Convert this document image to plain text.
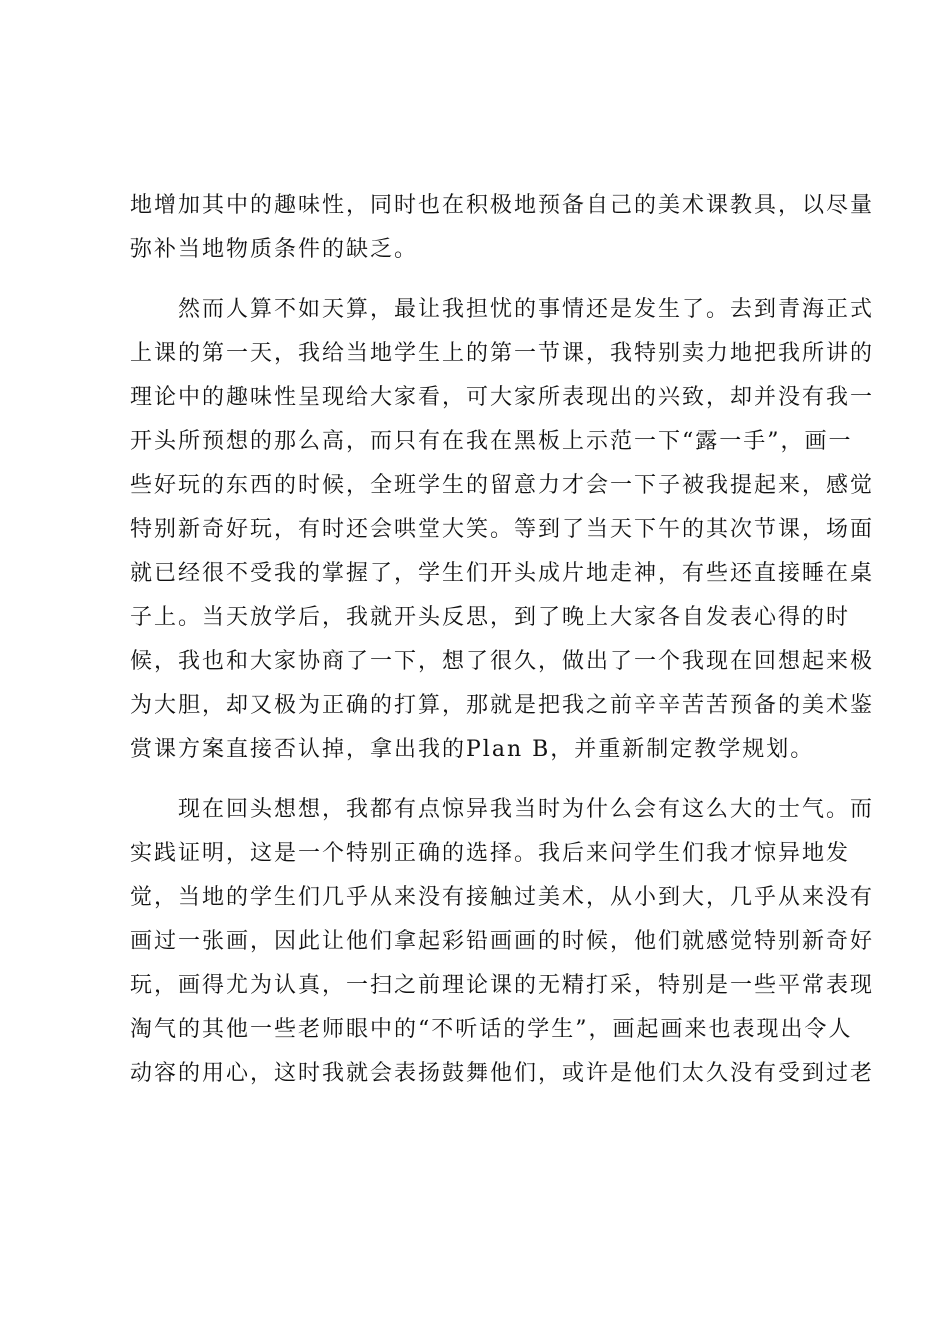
地增加其中的趣味性，同时也在积极地预备自己的美术课教具，以尽量
弥补当地物质条件的缺乏。
　　然而人算不如天算，最让我担忧的事情还是发生了。去到青海正式
上课的第一天，我给当地学生上的第一节课，我特别卖力地把我所讲的
理论中的趣味性呈现给大家看，可大家所表现出的兴致，却并没有我一
开头所预想的那么高，而只有在我在黑板上示范一下“露一手”，画一
些好玩的东西的时候，全班学生的留意力才会一下子被我提起来，感觉
特别新奇好玩，有时还会哄堂大笑。等到了当天下午的其次节课，场面
就已经很不受我的掌握了，学生们开头成片地走神，有些还直接睡在桌
子上。当天放学后，我就开头反思，到了晚上大家各自发表心得的时
候，我也和大家协商了一下，想了很久，做出了一个我现在回想起来极
为大胆，却又极为正确的打算，那就是把我之前辛辛苦苦预备的美术鉴
赏课方案直接否认掉，拿出我的Plan B，并重新制定教学规划。
　　现在回头想想，我都有点惊异我当时为什么会有这么大的士气。而
实践证明，这是一个特别正确的选择。我后来问学生们我才惊异地发
觉，当地的学生们几乎从来没有接触过美术，从小到大，几乎从来没有
画过一张画，因此让他们拿起彩铅画画的时候，他们就感觉特别新奇好
玩，画得尤为认真，一扫之前理论课的无精打采，特别是一些平常表现
淘气的其他一些老师眼中的“不听话的学生”，画起画来也表现出令人
动容的用心，这时我就会表扬鼓舞他们，或许是他们太久没有受到过老
